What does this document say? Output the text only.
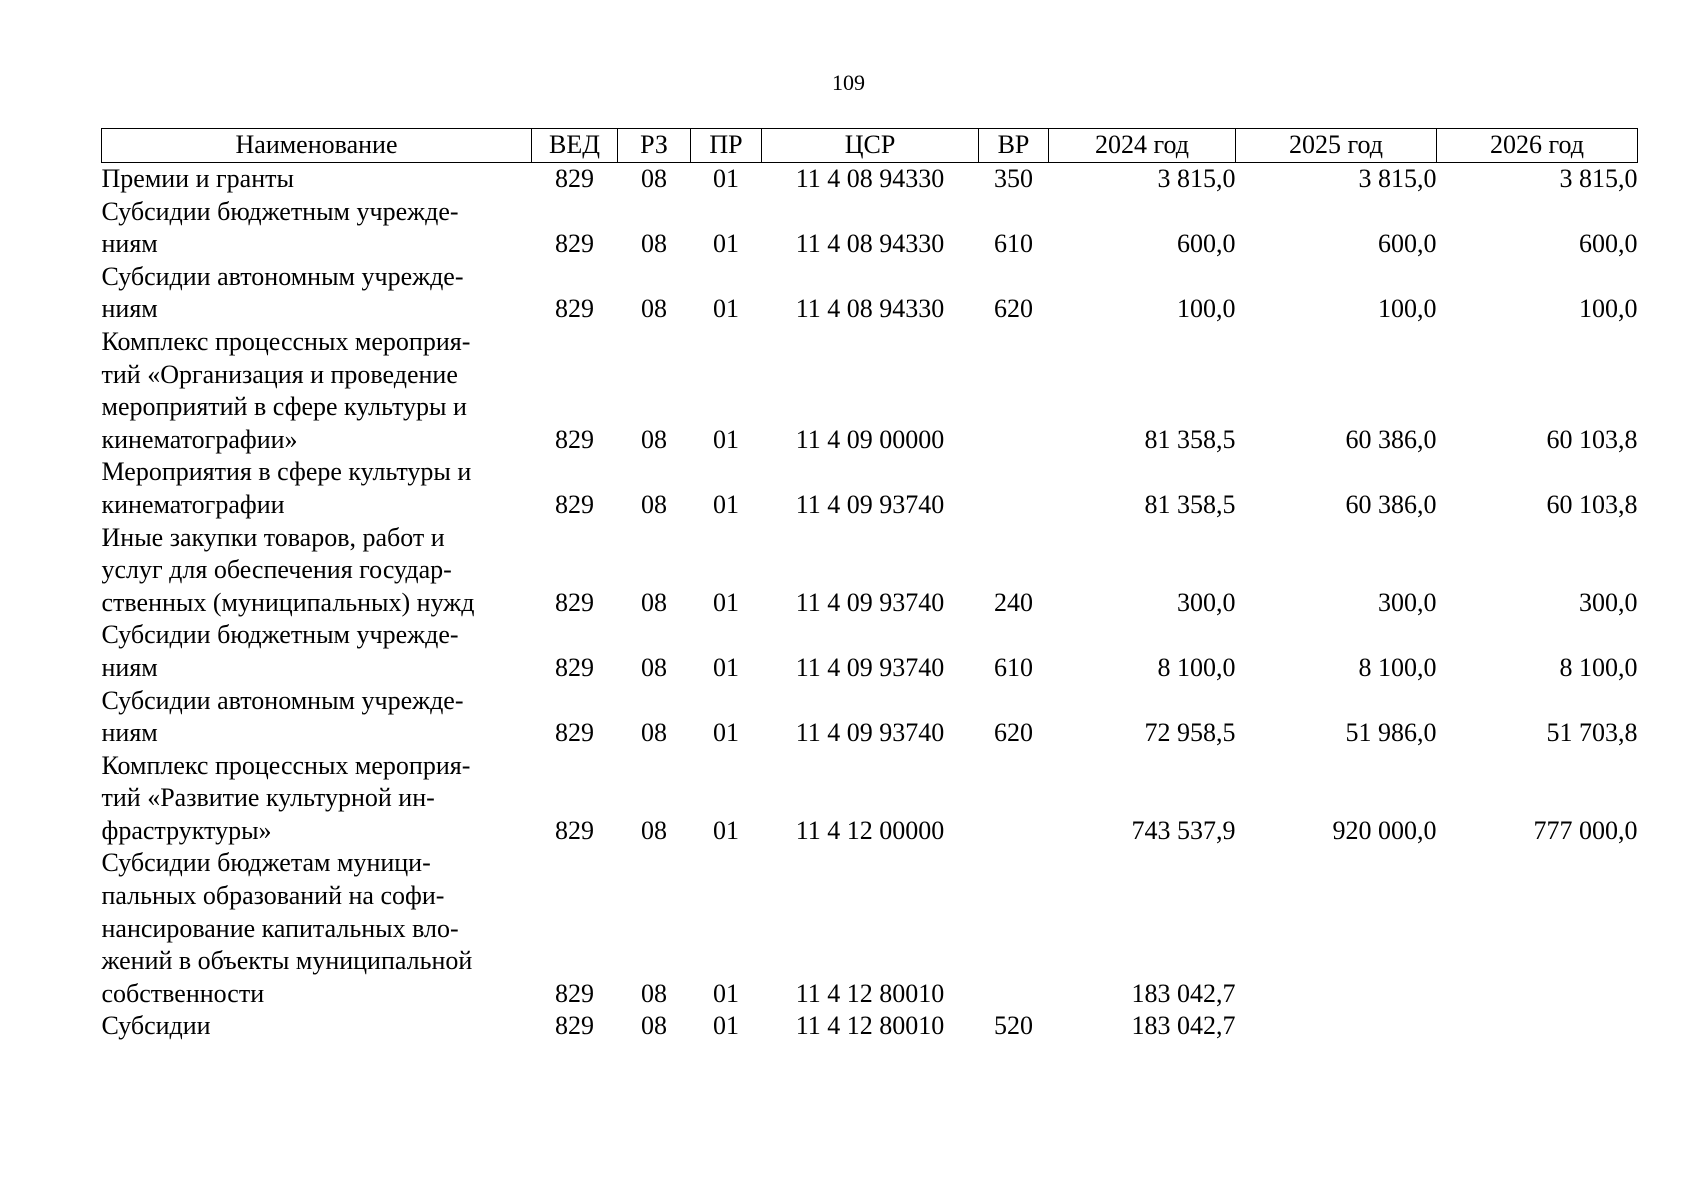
109
Наименование	ВЕД	РЗ	ПР	ЦСР	ВР	2024 год	2025 год	2026 год
Премии и гранты	829	08	01	11 4 08 94330	350	3 815,0	3 815,0	3 815,0
Субсидии бюджетным учрежде-
ниям	829	08	01	11 4 08 94330	610	600,0	600,0	600,0
Субсидии автономным учрежде-
ниям	829	08	01	11 4 08 94330	620	100,0	100,0	100,0
Комплекс процессных мероприя-
тий «Организация и проведение
мероприятий в сфере культуры и
кинематографии»	829	08	01	11 4 09 00000		81 358,5	60 386,0	60 103,8
Мероприятия в сфере культуры и
кинематографии	829	08	01	11 4 09 93740		81 358,5	60 386,0	60 103,8
Иные закупки товаров, работ и
услуг для обеспечения государ-
ственных (муниципальных) нужд	829	08	01	11 4 09 93740	240	300,0	300,0	300,0
Субсидии бюджетным учрежде-
ниям	829	08	01	11 4 09 93740	610	8 100,0	8 100,0	8 100,0
Субсидии автономным учрежде-
ниям	829	08	01	11 4 09 93740	620	72 958,5	51 986,0	51 703,8
Комплекс процессных мероприя-
тий «Развитие культурной ин-
фраструктуры»	829	08	01	11 4 12 00000		743 537,9	920 000,0	777 000,0
Субсидии бюджетам муници-
пальных образований на софи-
нансирование капитальных вло-
жений в объекты муниципальной
собственности	829	08	01	11 4 12 80010		183 042,7		
Субсидии	829	08	01	11 4 12 80010	520	183 042,7		
